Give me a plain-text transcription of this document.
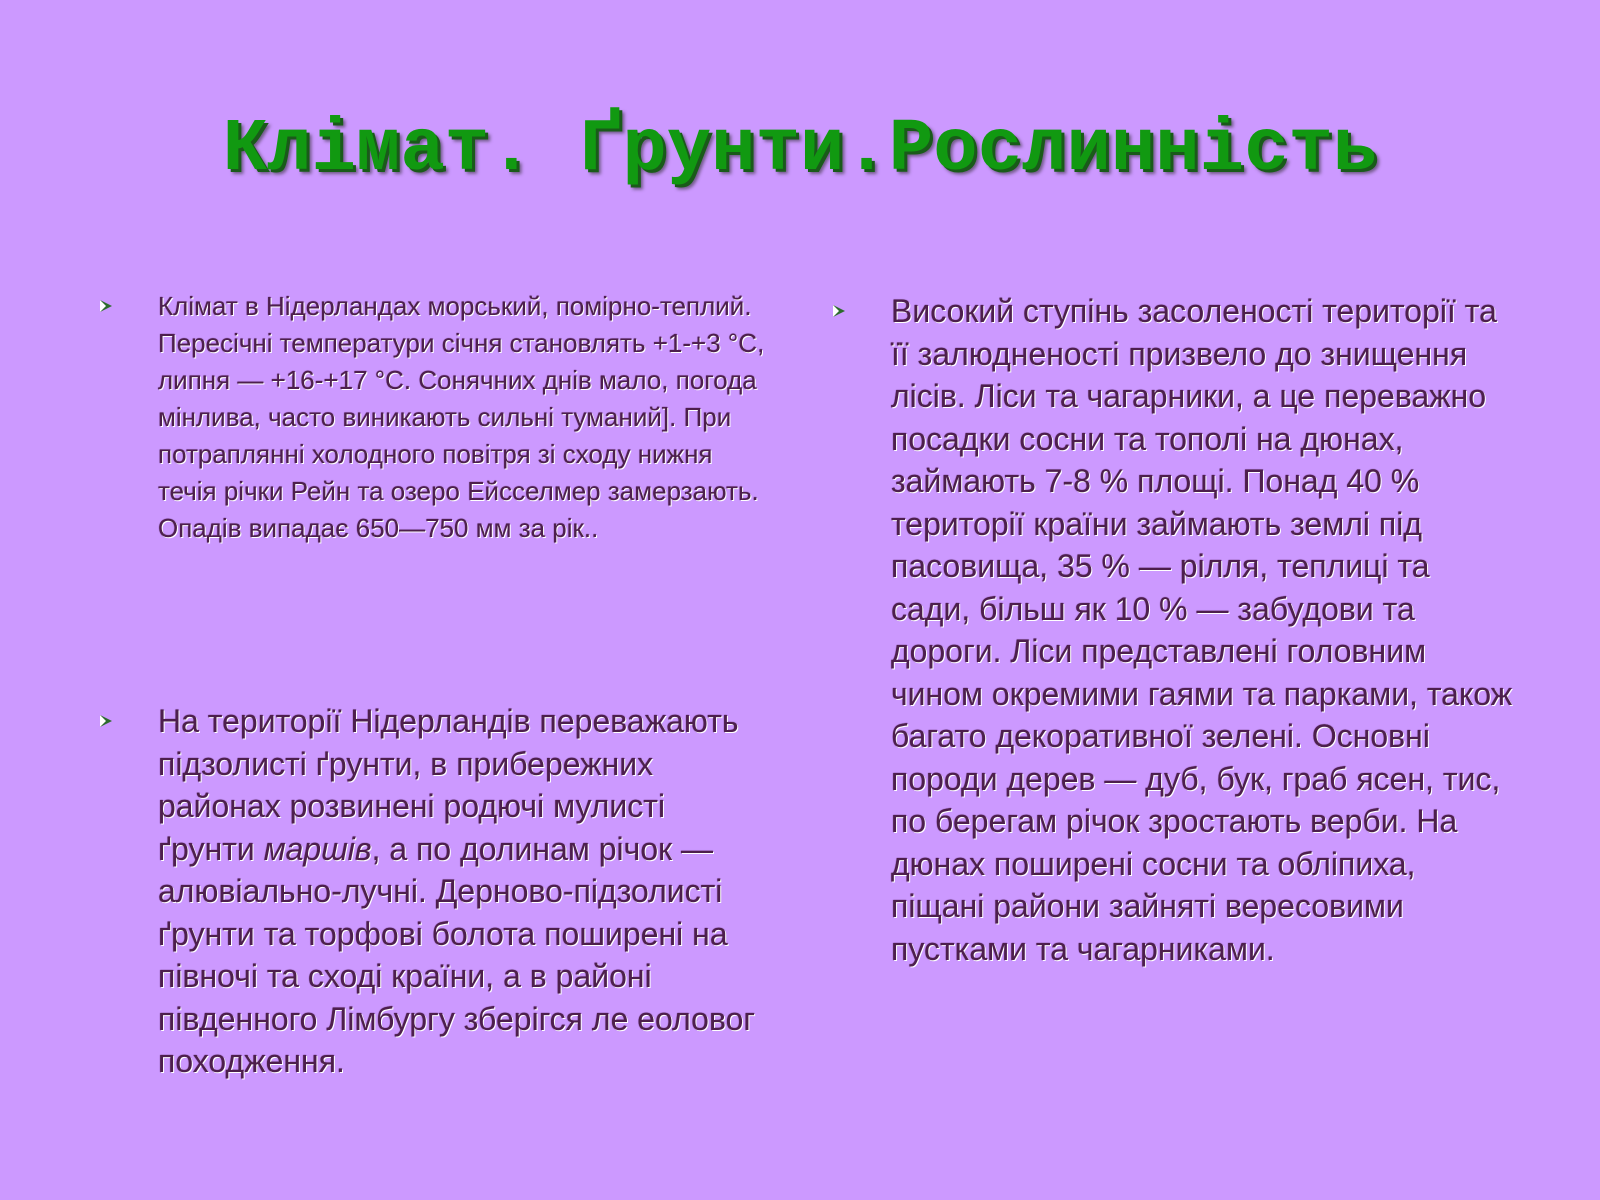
Клімат. Ґрунти.Рослинність

Клімат в Нідерландах морський, помірно-теплий. Пересічні температури січня становлять +1-+3 °C, липня — +16-+17 °C. Сонячних днів мало, погода мінлива, часто виникають сильні туманий]. При потраплянні холодного повітря зі сходу нижня течія річки Рейн та озеро Ейсселмер замерзають. Опадів випадає 650—750 мм за рік..

На території Нідерландів переважають підзолисті ґрунти, в прибережних районах розвинені родючі мулисті ґрунти маршів, а по долинам річок — алювіально-лучні. Дерново-підзолисті ґрунти та торфові болота поширені на півночі та сході країни, а в районі південного Лімбургу зберігся ле еоловог походження.

Високий ступінь засоленості території та її залюдненості призвело до знищення лісів. Ліси та чагарники, а це переважно посадки сосни та тополі на дюнах, займають 7-8 % площі. Понад 40 % території країни займають землі під пасовища, 35 % — рілля, теплиці та сади, більш як 10 % — забудови та дороги. Ліси представлені головним чином окремими гаями та парками, також багато декоративної зелені. Основні породи дерев — дуб, бук, граб ясен, тис, по берегам річок зростають верби. На дюнах поширені сосни та обліпиха, піщані райони зайняті вересовими пустками та чагарниками.
